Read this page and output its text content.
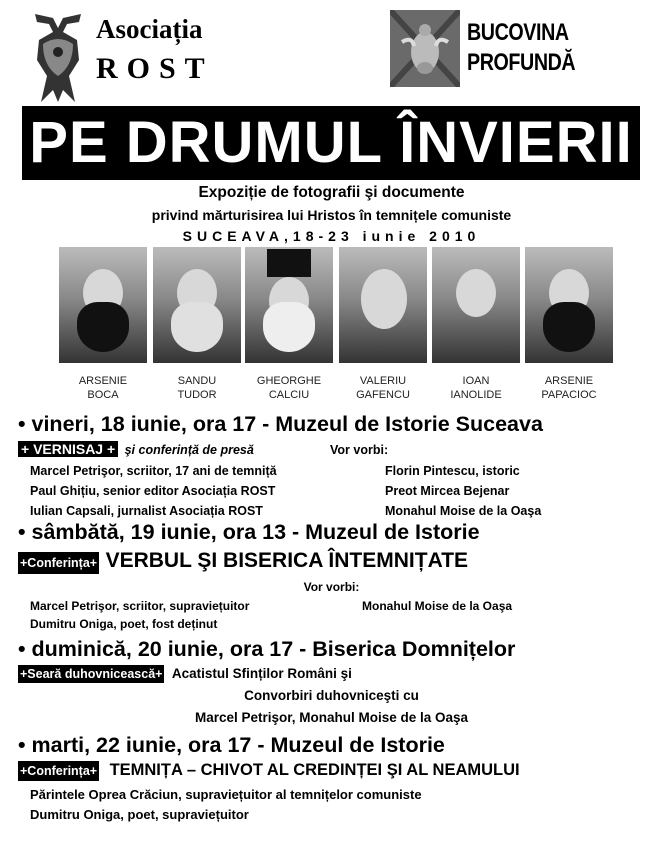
Asociația
ROST
BUCOVINA
PROFUNDĂ
PE DRUMUL ÎNVIERII
Expoziție de fotografii şi documente
privind mărturisirea lui Hristos în temnițele comuniste
SUCEAVA,18-23 iunie 2010
ARSENIE
BOCA
SANDU
TUDOR
GHEORGHE
CALCIU
VALERIU
GAFENCU
IOAN
IANOLIDE
ARSENIE
PAPACIOC
• vineri, 18 iunie, ora 17 - Muzeul de Istorie Suceava
+ VERNISAJ + şi conferință de presă	Vor vorbi:
Marcel Petrişor, scriitor, 17 ani de temniță
Paul Ghițiu, senior editor Asociația ROST
Iulian Capsali, jurnalist Asociația ROST
Florin Pintescu, istoric
Preot Mircea Bejenar
Monahul Moise de la Oaşa
• sâmbătă, 19 iunie, ora 13 - Muzeul de Istorie
+Conferința+ VERBUL ŞI BISERICA ÎNTEMNIȚATE
Vor vorbi:
Marcel Petrişor, scriitor, supraviețuitor
Dumitru Oniga, poet, fost deținut
Monahul Moise de la Oaşa
• duminică, 20 iunie, ora 17 - Biserica Domnițelor
+Seară duhovnicească+ Acatistul Sfinților Români şi
Convorbiri duhovniceşti cu
Marcel Petrişor, Monahul Moise de la Oaşa
• marti, 22 iunie, ora 17 - Muzeul de Istorie
+Conferința+ TEMNIȚA – CHIVOT AL CREDINȚEI ŞI AL NEAMULUI
Părintele Oprea Crăciun, supraviețuitor al temnițelor comuniste
Dumitru Oniga, poet, supraviețuitor
